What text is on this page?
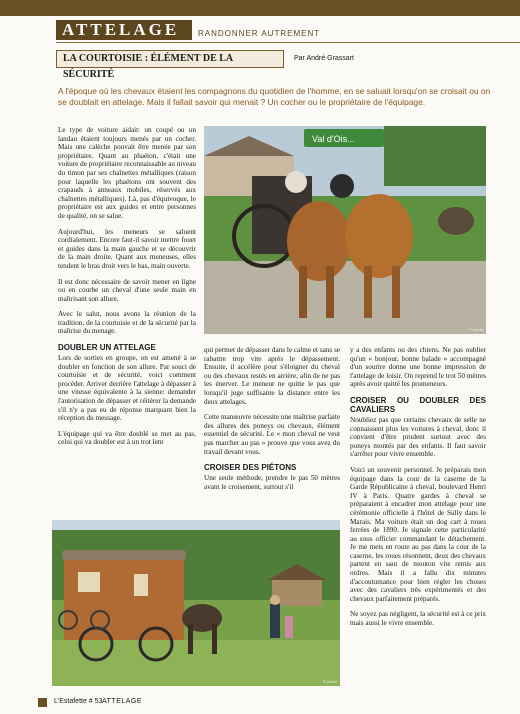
ATTELAGE	RANDONNER AUTREMENT
LA COURTOISIE : ÉLÉMENT DE LA SÉCURITÉ
Par André Grassart
A l'époque où les chevaux étaient les compagnons du quotidien de l'homme, en se saluait lorsqu'on se croisait ou on se doublait en attelage. Mais il fallait savoir qui menait ? Un cocher ou le propriétaire de l'équipage.

Le type de voiture aidait: un coupé ou un landau étaient toujours menés par un cocher. Mais une calèche pouvait être menée par son propriétaire. Quant au phaéton, c'était une voiture de propriétaire reconnaissable au niveau du timon par ses chaînettes métalliques (raison pour laquelle les phaétons ont souvent des crapauds à anneaux mobiles, réservés aux chaînettes métalliques). Là, pas d'équivoque, le propriétaire est aux guides et entre personnes de qualité, on se salue.

Aujourd'hui, les meneurs se saluent cordialement. Encore faut-il savoir mettre fouet et guides dans la main gauche et se découvrir de la main droite. Quant aux meneuses, elles tendent le bras droit vers le bas, main ouverte.

Il est donc nécessaire de savoir mener en ligne ou en courbe un cheval d'une seule main en maîtrisant son allure.

Avec le salut, nous avons la réunion de la tradition, de la courtoisie et de la sécurité par la maîtrise du menage.

DOUBLER UN ATTELAGE

Lors de sorties en groupe, on est amené à se doubler en fonction de son allure. Par souci de courtoisie et de sécurité, voici comment procéder. Arriver derrière l'attelage à dépasser à une vitesse équivalente à la sienne: demander l'autorisation de dépasser et réitérer la demande s'il n'y a pas eu de réponse marquant bien la réception du message.

L'équipage qui va être doublé se met au pas, celui qui va doubler est à un trot lent

Val d'Ois...
© photo

qui permet de dépasser dans le calme et sans se rabattre trop vite après le dépassement. Ensuite, il accélère pour s'éloigner du cheval ou des chevaux restés en arrière, afin de ne pas les énerver. Le meneur ne quitte le pas que lorsqu'il juge suffisante la distance entre les deux attelages.

Cette manœuvre nécessite une maîtrise parfaite des allures des poneys ou chevaux, élément essentiel de sécurité. Le « mon cheval ne veut pas marcher au pas » prouve que vous avez du travail devant vous.

CROISER DES PIÉTONS

Une seule méthode, prendre le pas 50 mètres avant le croisement, surtout s'il

y a des enfants ou des chiens. Ne pas oublier qu'un « bonjour, bonne balade » accompagné d'un sourire donne une bonne impression de l'attelage de loisir. On reprend le trot 50 mètres après avoir quitté les promeneurs.

CROISER OU DOUBLER DES CAVALIERS

Noubliez pas que certains chevaux de selle ne connaissent plus les voitures à cheval, donc il convient d'être prudent surtout avec des poneys montés par des enfants. Il faut savoir s'arrêter pour vivre ensemble.

Voici un souvenir personnel. Je préparais mon équipage dans la cour de la caserne de la Garde Républicaine à cheval, boulevard Henri IV à Paris. Quatre gardes à cheval se préparaient à encadrer mon attelage pour une cérémonie officielle à l'hôtel de Sully dans le Marais. Ma voiture était un dog cart à roues ferrées de 1890. Je signale cette particularité au sous officier commandant le détachement. Je me mets en route au pas dans la cour de la caserne, les roues résonnent, deux des chevaux partent en saut de mouton vite remis aux ordres. Mais il a fallu dix minutes d'accoutumance pour bien régler les choses avec des cavaliers très expérimentés et des chevaux parfaitement préparés.

Ne soyez pas négligent, la sécurité est à ce prix mais aussi le vivre ensemble.

© photo
L'Estafette # 53 ATTELAGE
